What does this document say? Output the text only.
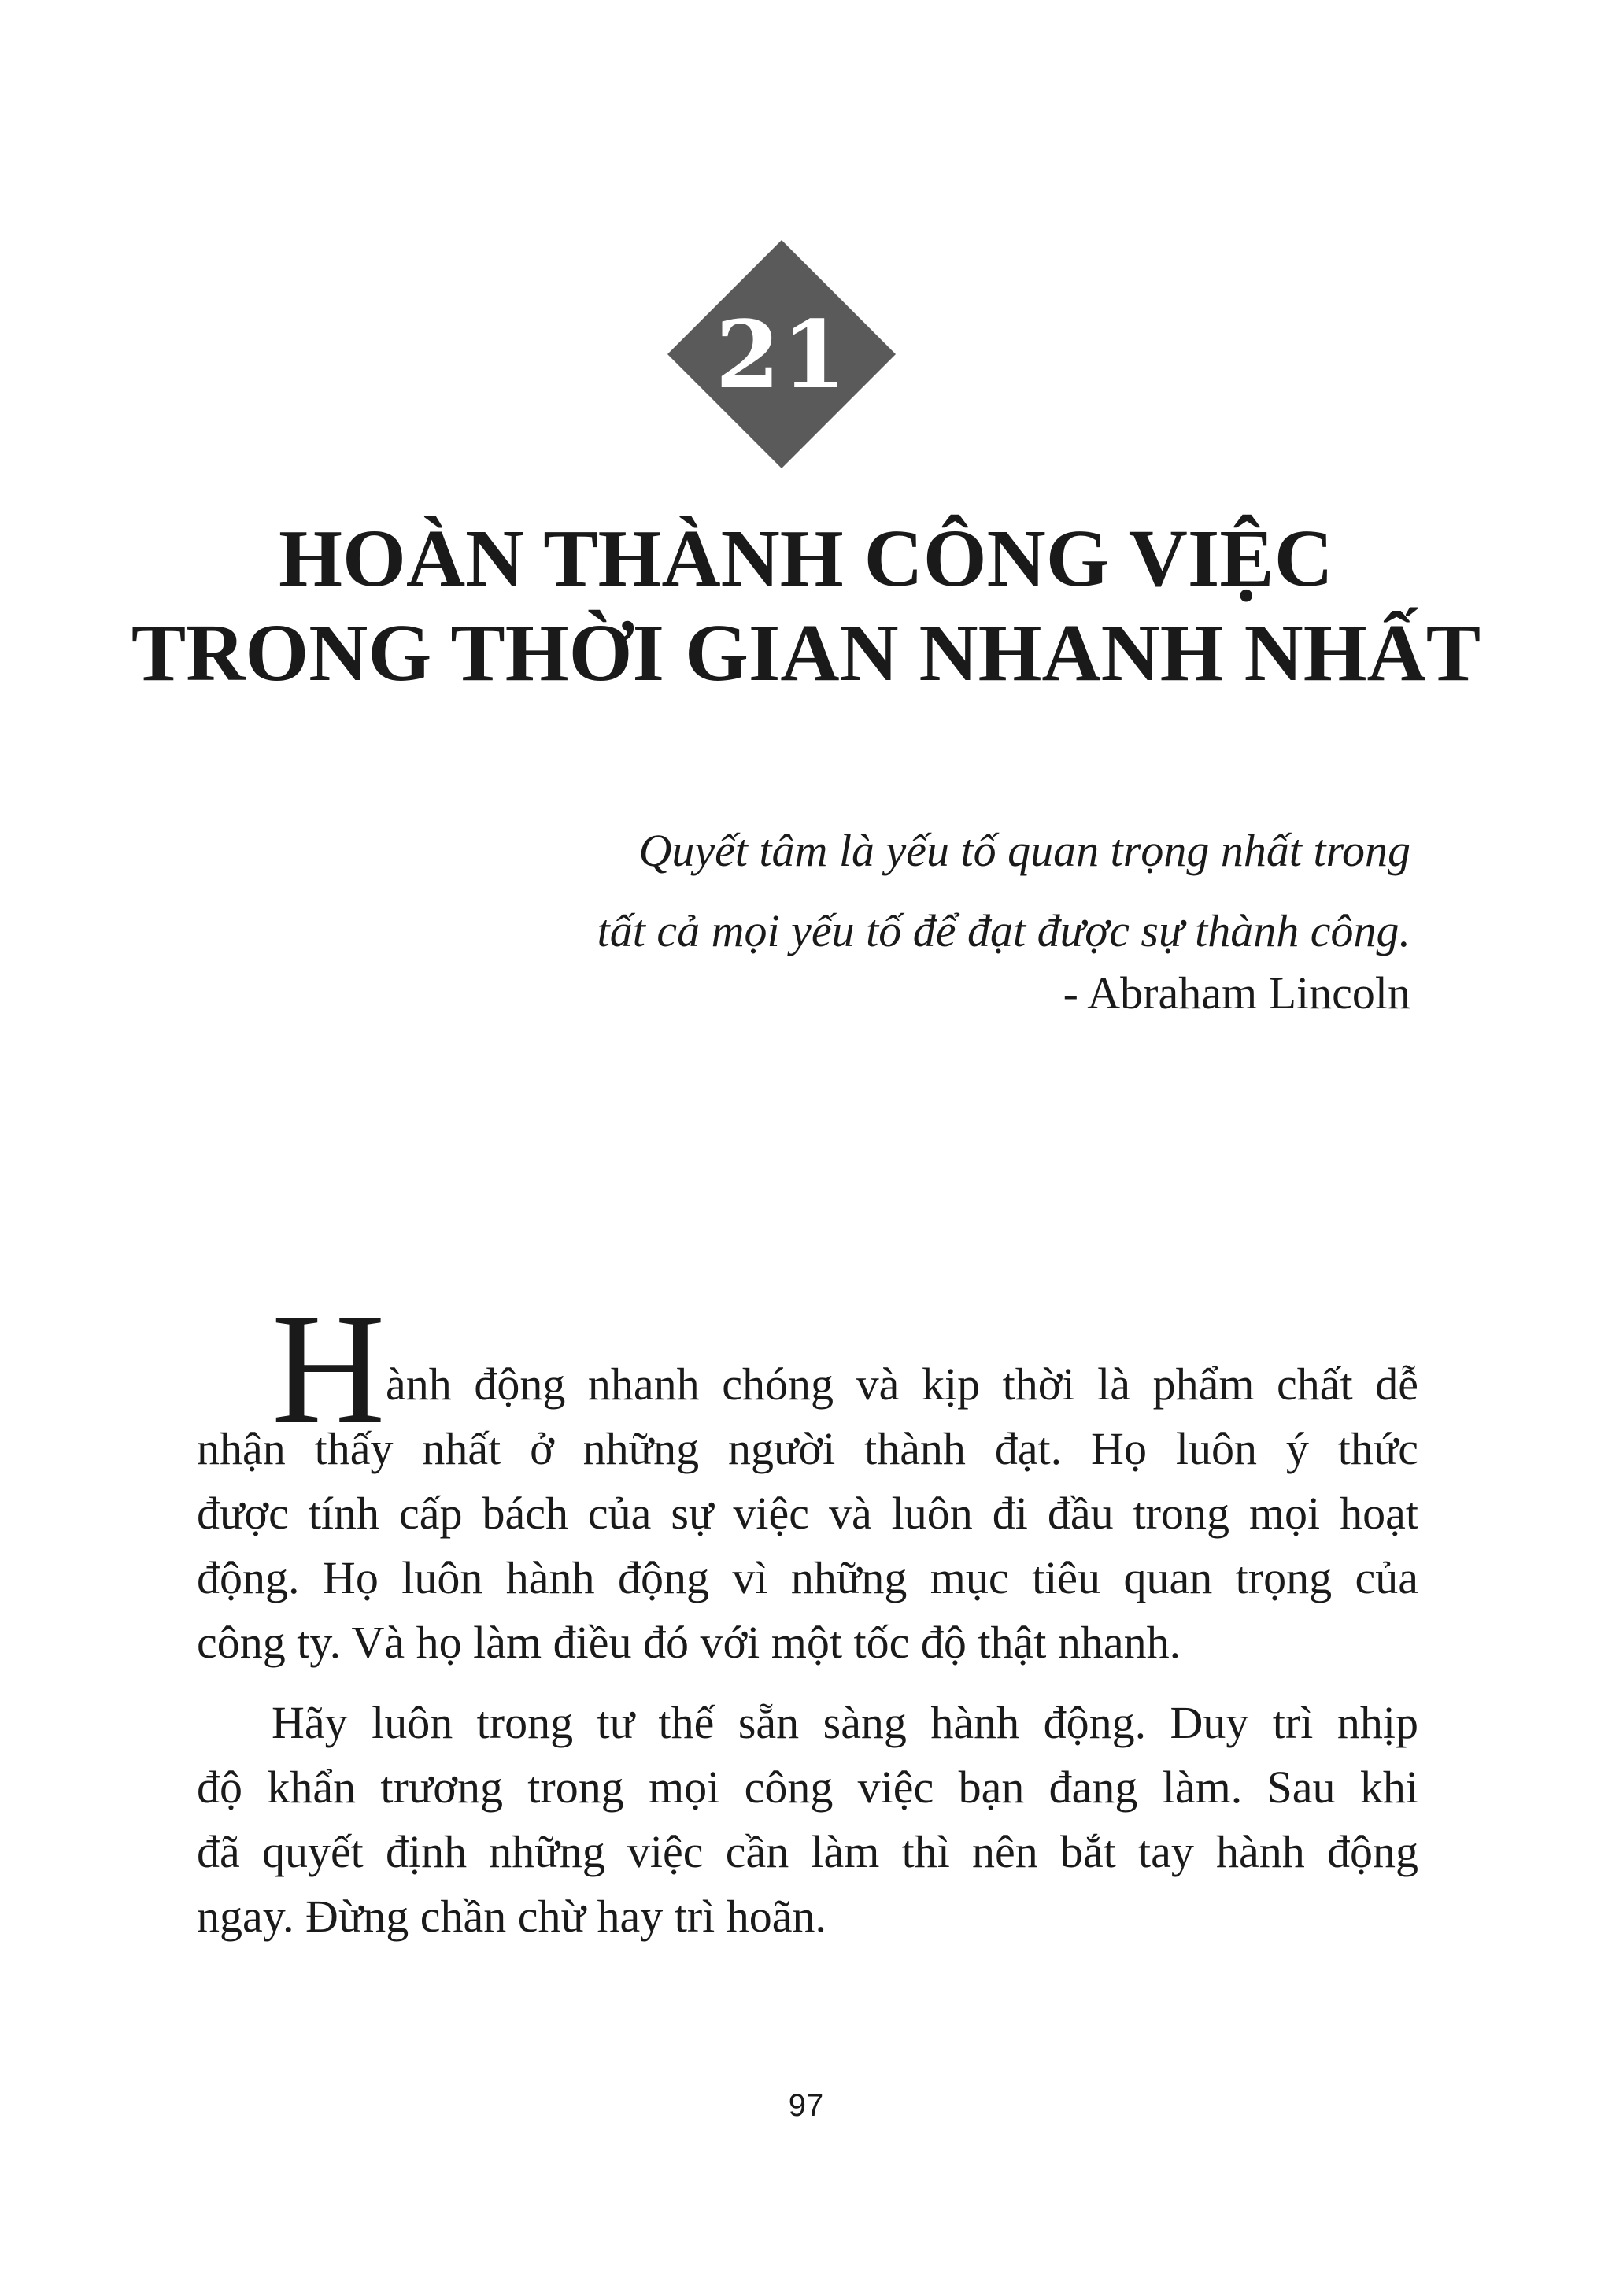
21
HOÀN THÀNH CÔNG VIỆC
TRONG THỜI GIAN NHANH NHẤT
Quyết tâm là yếu tố quan trọng nhất trong
tất cả mọi yếu tố để đạt được sự thành công.
- Abraham Lincoln
H ành động nhanh chóng và kịp thời là phẩm chất dễ
nhận thấy nhất ở những người thành đạt. Họ luôn ý thức
được tính cấp bách của sự việc và luôn đi đầu trong mọi hoạt
động. Họ luôn hành động vì những mục tiêu quan trọng của
công ty. Và họ làm điều đó với một tốc độ thật nhanh.
Hãy luôn trong tư thế sẵn sàng hành động. Duy trì nhịp
độ khẩn trương trong mọi công việc bạn đang làm. Sau khi
đã quyết định những việc cần làm thì nên bắt tay hành động
ngay. Đừng chần chừ hay trì hoãn.
97
